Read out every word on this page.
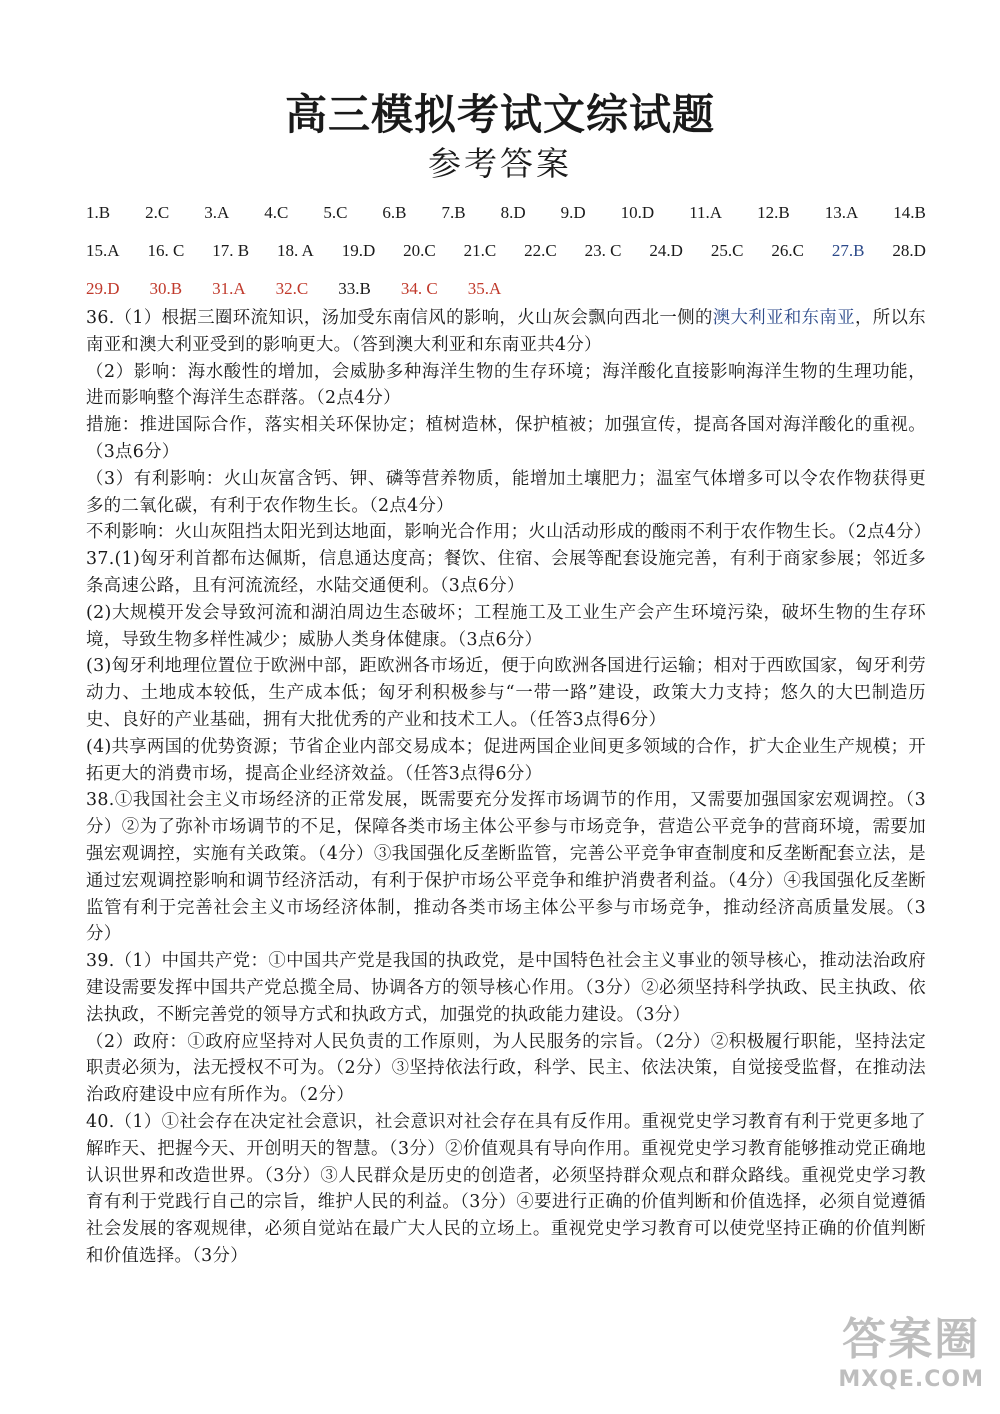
高三模拟考试文综试题
参考答案
1.B 2.C 3.A 4.C 5.C 6.B 7.B 8.D 9.D 10.D 11.A 12.B 13.A 14.B
15.A 16. C 17. B 18. A 19.D 20.C 21.C 22.C 23. C 24.D 25.C 26.C 27.B 28.D
29.D 30.B 31.A 32.C 33.B 34. C 35.A

36.（1）根据三圈环流知识，汤加受东南信风的影响，火山灰会飘向西北一侧的澳大利亚和东南亚，所以东南亚和澳大利亚受到的影响更大。（答到澳大利亚和东南亚共4分）

（2）影响：海水酸性的增加，会威胁多种海洋生物的生存环境；海洋酸化直接影响海洋生物的生理功能，进而影响整个海洋生态群落。（2点4分）

措施：推进国际合作，落实相关环保协定；植树造林，保护植被；加强宣传，提高各国对海洋酸化的重视。（3点6分）

（3）有利影响：火山灰富含钙、钾、磷等营养物质，能增加土壤肥力；温室气体增多可以令农作物获得更多的二氧化碳，有利于农作物生长。（2点4分）

不利影响：火山灰阻挡太阳光到达地面，影响光合作用；火山活动形成的酸雨不利于农作物生长。（2点4分）

37.(1)匈牙利首都布达佩斯，信息通达度高；餐饮、住宿、会展等配套设施完善，有利于商家参展；邻近多条高速公路，且有河流流经，水陆交通便利。（3点6分）

(2)大规模开发会导致河流和湖泊周边生态破坏；工程施工及工业生产会产生环境污染，破坏生物的生存环境，导致生物多样性减少；威胁人类身体健康。（3点6分）

(3)匈牙利地理位置位于欧洲中部，距欧洲各市场近，便于向欧洲各国进行运输；相对于西欧国家，匈牙利劳动力、土地成本较低，生产成本低；匈牙利积极参与“一带一路”建设，政策大力支持；悠久的大巴制造历史、良好的产业基础，拥有大批优秀的产业和技术工人。（任答3点得6分）

(4)共享两国的优势资源；节省企业内部交易成本；促进两国企业间更多领域的合作，扩大企业生产规模；开拓更大的消费市场，提高企业经济效益。（任答3点得6分）

38.①我国社会主义市场经济的正常发展，既需要充分发挥市场调节的作用，又需要加强国家宏观调控。（3分）②为了弥补市场调节的不足，保障各类市场主体公平参与市场竞争，营造公平竞争的营商环境，需要加强宏观调控，实施有关政策。（4分）③我国强化反垄断监管，完善公平竞争审查制度和反垄断配套立法，是通过宏观调控影响和调节经济活动，有利于保护市场公平竞争和维护消费者利益。（4分）④我国强化反垄断监管有利于完善社会主义市场经济体制，推动各类市场主体公平参与市场竞争，推动经济高质量发展。（3分）

39.（1）中国共产党：①中国共产党是我国的执政党，是中国特色社会主义事业的领导核心，推动法治政府建设需要发挥中国共产党总揽全局、协调各方的领导核心作用。（3分）②必须坚持科学执政、民主执政、依法执政，不断完善党的领导方式和执政方式，加强党的执政能力建设。（3分）

（2）政府：①政府应坚持对人民负责的工作原则，为人民服务的宗旨。（2分）②积极履行职能，坚持法定职责必须为，法无授权不可为。（2分）③坚持依法行政，科学、民主、依法决策，自觉接受监督，在推动法治政府建设中应有所作为。（2分）

40.（1）①社会存在决定社会意识，社会意识对社会存在具有反作用。重视党史学习教育有利于党更多地了解昨天、把握今天、开创明天的智慧。（3分）②价值观具有导向作用。重视党史学习教育能够推动党正确地认识世界和改造世界。（3分）③人民群众是历史的创造者，必须坚持群众观点和群众路线。重视党史学习教育有利于党践行自己的宗旨，维护人民的利益。（3分）④要进行正确的价值判断和价值选择，必须自觉遵循社会发展的客观规律，必须自觉站在最广大人民的立场上。重视党史学习教育可以使党坚持正确的价值判断和价值选择。（3分）

答案圈
MXQE.COM
